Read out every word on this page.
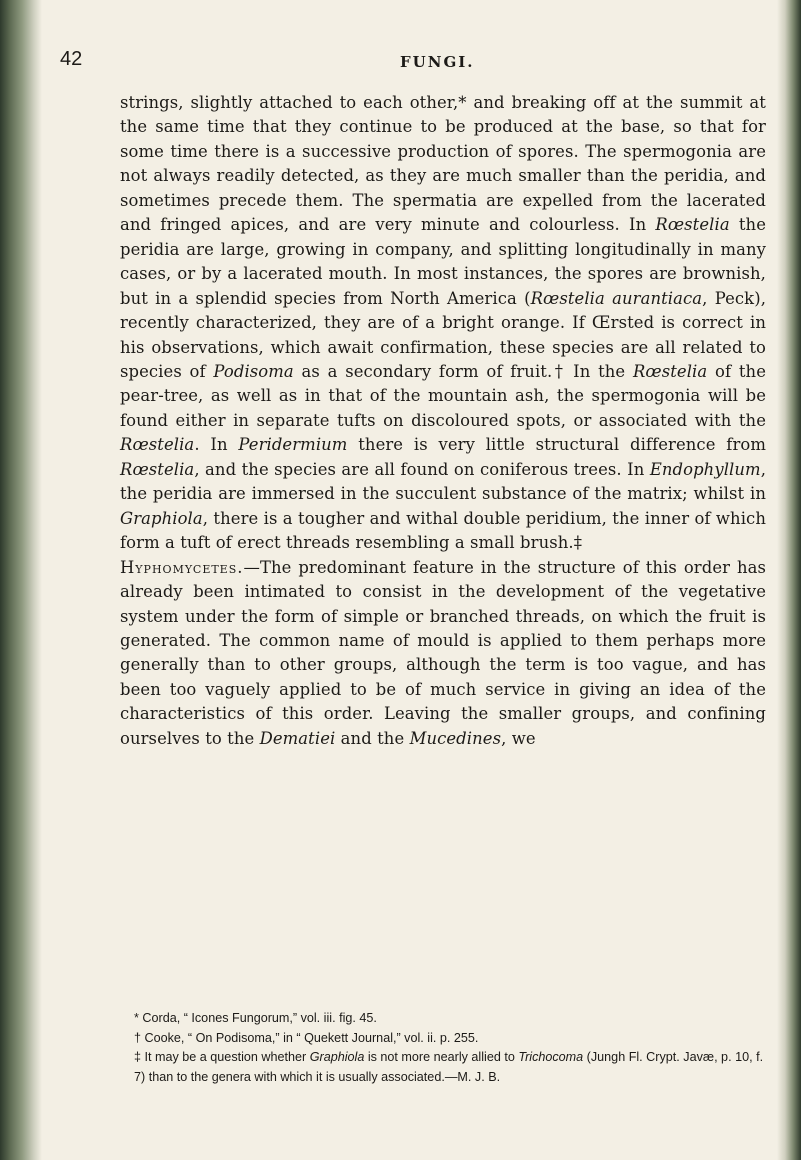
42	FUNGI.

strings, slightly attached to each other,* and breaking off at the summit at the same time that they continue to be produced at the base, so that for some time there is a successive production of spores. The spermogonia are not always readily detected, as they are much smaller than the peridia, and sometimes precede them. The spermatia are expelled from the lacerated and fringed apices, and are very minute and colourless. In Rœstelia the peridia are large, growing in company, and splitting longitudinally in many cases, or by a lacerated mouth. In most instances, the spores are brownish, but in a splendid species from North America (Rœstelia aurantiaca, Peck), recently characterized, they are of a bright orange. If Œrsted is correct in his observations, which await confirmation, these species are all related to species of Podisoma as a secondary form of fruit.† In the Rœstelia of the pear-tree, as well as in that of the mountain ash, the spermogonia will be found either in separate tufts on discoloured spots, or associated with the Rœstelia. In Peridermium there is very little structural difference from Rœstelia, and the species are all found on coniferous trees. In Endophyllum, the peridia are immersed in the succulent substance of the matrix; whilst in Graphiola, there is a tougher and withal double peridium, the inner of which form a tuft of erect threads resembling a small brush.‡

Hyphomycetes.—The predominant feature in the structure of this order has already been intimated to consist in the development of the vegetative system under the form of simple or branched threads, on which the fruit is generated. The common name of mould is applied to them perhaps more generally than to other groups, although the term is too vague, and has been too vaguely applied to be of much service in giving an idea of the characteristics of this order. Leaving the smaller groups, and confining ourselves to the Dematiei and the Mucedines, we

* Corda, “ Icones Fungorum,” vol. iii. fig. 45.

† Cooke, “ On Podisoma,” in “ Quekett Journal,” vol. ii. p. 255.

‡ It may be a question whether Graphiola is not more nearly allied to Trichocoma (Jungh Fl. Crypt. Javæ, p. 10, f. 7) than to the genera with which it is usually associated.—M. J. B.
